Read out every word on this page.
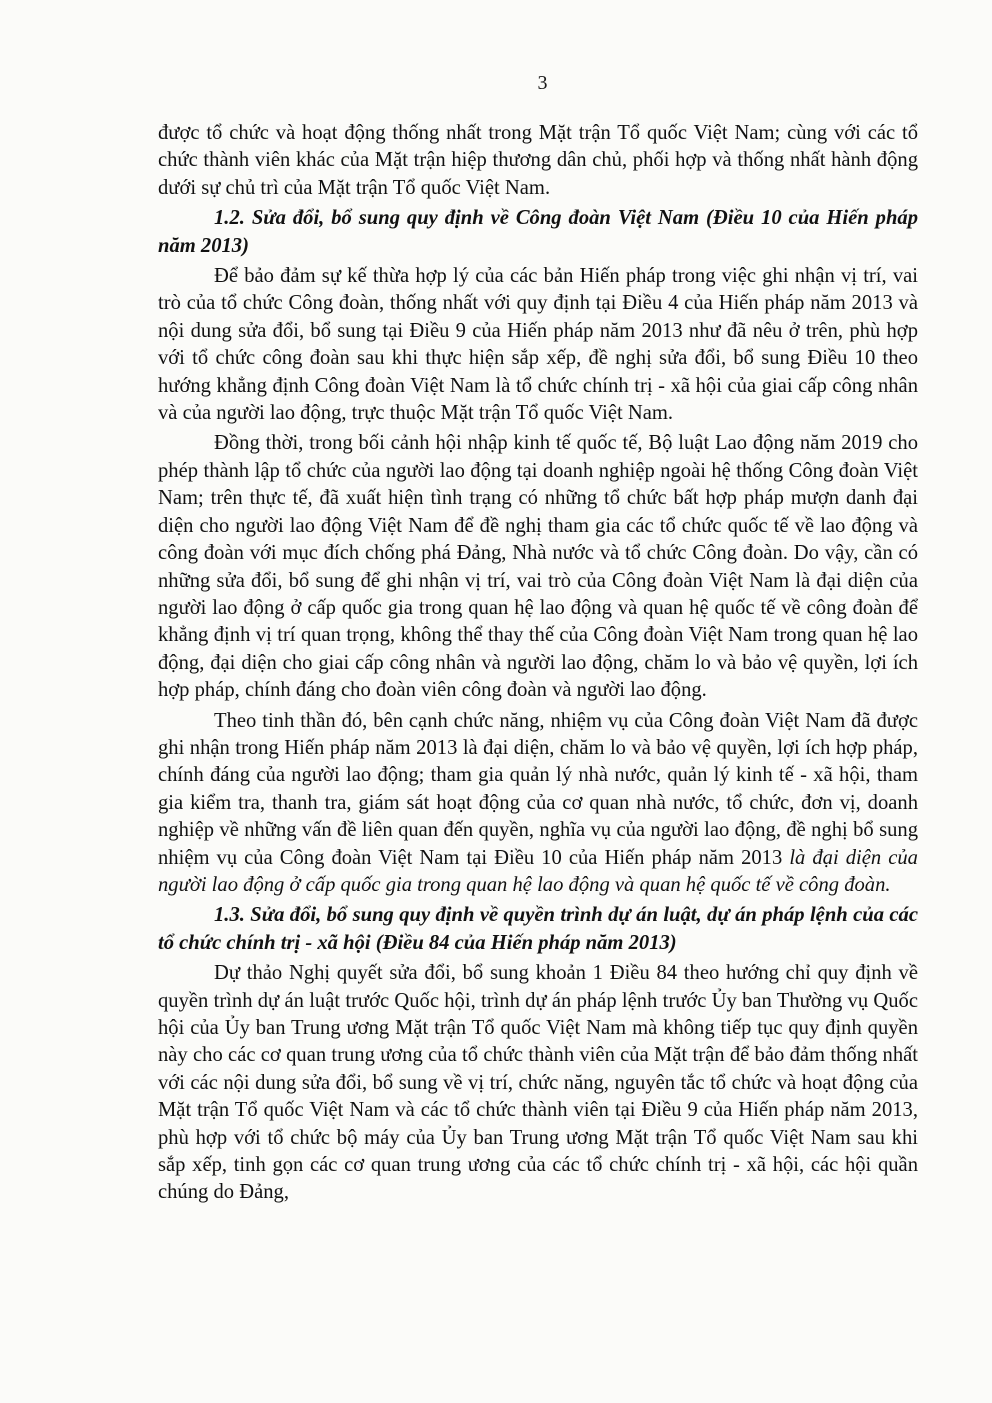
3

được tổ chức và hoạt động thống nhất trong Mặt trận Tổ quốc Việt Nam; cùng với các tổ chức thành viên khác của Mặt trận hiệp thương dân chủ, phối hợp và thống nhất hành động dưới sự chủ trì của Mặt trận Tổ quốc Việt Nam.

1.2. Sửa đổi, bổ sung quy định về Công đoàn Việt Nam (Điều 10 của Hiến pháp năm 2013)

Để bảo đảm sự kế thừa hợp lý của các bản Hiến pháp trong việc ghi nhận vị trí, vai trò của tổ chức Công đoàn, thống nhất với quy định tại Điều 4 của Hiến pháp năm 2013 và nội dung sửa đổi, bổ sung tại Điều 9 của Hiến pháp năm 2013 như đã nêu ở trên, phù hợp với tổ chức công đoàn sau khi thực hiện sắp xếp, đề nghị sửa đổi, bổ sung Điều 10 theo hướng khẳng định Công đoàn Việt Nam là tổ chức chính trị - xã hội của giai cấp công nhân và của người lao động, trực thuộc Mặt trận Tổ quốc Việt Nam.

Đồng thời, trong bối cảnh hội nhập kinh tế quốc tế, Bộ luật Lao động năm 2019 cho phép thành lập tổ chức của người lao động tại doanh nghiệp ngoài hệ thống Công đoàn Việt Nam; trên thực tế, đã xuất hiện tình trạng có những tổ chức bất hợp pháp mượn danh đại diện cho người lao động Việt Nam để đề nghị tham gia các tổ chức quốc tế về lao động và công đoàn với mục đích chống phá Đảng, Nhà nước và tổ chức Công đoàn. Do vậy, cần có những sửa đổi, bổ sung để ghi nhận vị trí, vai trò của Công đoàn Việt Nam là đại diện của người lao động ở cấp quốc gia trong quan hệ lao động và quan hệ quốc tế về công đoàn để khẳng định vị trí quan trọng, không thể thay thế của Công đoàn Việt Nam trong quan hệ lao động, đại diện cho giai cấp công nhân và người lao động, chăm lo và bảo vệ quyền, lợi ích hợp pháp, chính đáng cho đoàn viên công đoàn và người lao động.

Theo tinh thần đó, bên cạnh chức năng, nhiệm vụ của Công đoàn Việt Nam đã được ghi nhận trong Hiến pháp năm 2013 là đại diện, chăm lo và bảo vệ quyền, lợi ích hợp pháp, chính đáng của người lao động; tham gia quản lý nhà nước, quản lý kinh tế - xã hội, tham gia kiểm tra, thanh tra, giám sát hoạt động của cơ quan nhà nước, tổ chức, đơn vị, doanh nghiệp về những vấn đề liên quan đến quyền, nghĩa vụ của người lao động, đề nghị bổ sung nhiệm vụ của Công đoàn Việt Nam tại Điều 10 của Hiến pháp năm 2013 là đại diện của người lao động ở cấp quốc gia trong quan hệ lao động và quan hệ quốc tế về công đoàn.

1.3. Sửa đổi, bổ sung quy định về quyền trình dự án luật, dự án pháp lệnh của các tổ chức chính trị - xã hội (Điều 84 của Hiến pháp năm 2013)

Dự thảo Nghị quyết sửa đổi, bổ sung khoản 1 Điều 84 theo hướng chỉ quy định về quyền trình dự án luật trước Quốc hội, trình dự án pháp lệnh trước Ủy ban Thường vụ Quốc hội của Ủy ban Trung ương Mặt trận Tổ quốc Việt Nam mà không tiếp tục quy định quyền này cho các cơ quan trung ương của tổ chức thành viên của Mặt trận để bảo đảm thống nhất với các nội dung sửa đổi, bổ sung về vị trí, chức năng, nguyên tắc tổ chức và hoạt động của Mặt trận Tổ quốc Việt Nam và các tổ chức thành viên tại Điều 9 của Hiến pháp năm 2013, phù hợp với tổ chức bộ máy của Ủy ban Trung ương Mặt trận Tổ quốc Việt Nam sau khi sắp xếp, tinh gọn các cơ quan trung ương của các tổ chức chính trị - xã hội, các hội quần chúng do Đảng,
